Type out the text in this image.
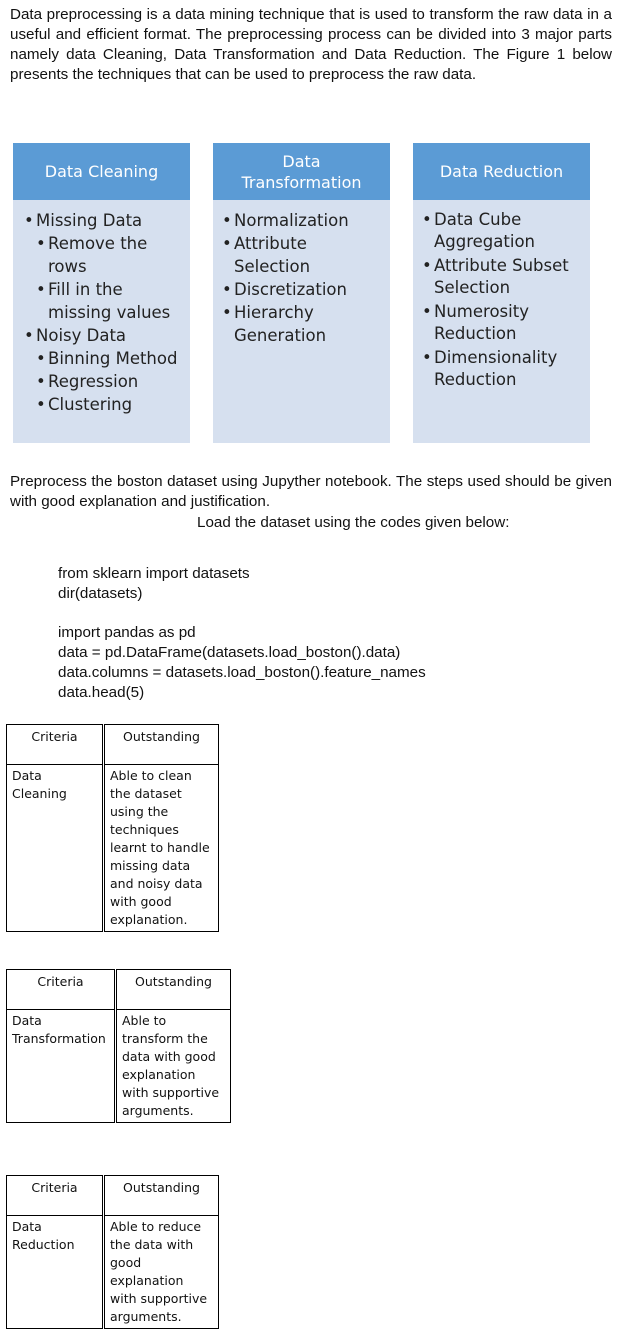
Data preprocessing is a data mining technique that is used to transform the raw data in a useful and efficient format. The preprocessing process can be divided into 3 major parts namely data Cleaning, Data Transformation and Data Reduction. The Figure 1 below presents the techniques that can be used to preprocess the raw data.
Data Cleaning
• Missing Data
• Remove the rows
• Fill in the missing values
• Noisy Data
• Binning Method
• Regression
• Clustering
Data Transformation
• Normalization
• Attribute Selection
• Discretization
• Hierarchy Generation
Data Reduction
• Data Cube Aggregation
• Attribute Subset Selection
• Numerosity Reduction
• Dimensionality Reduction
Preprocess the boston dataset using Jupyther notebook. The steps used should be given with good explanation and justification.
Load the dataset using the codes given below:
from sklearn import datasets
dir(datasets)
import pandas as pd
data = pd.DataFrame(datasets.load_boston().data)
data.columns = datasets.load_boston().feature_names
data.head(5)
Criteria	Outstanding
Data Cleaning	Able to clean the dataset using the techniques learnt to handle missing data and noisy data with good explanation.
Criteria	Outstanding
Data Transformation	Able to transform the data with good explanation with supportive arguments.
Criteria	Outstanding
Data Reduction	Able to reduce the data with good explanation with supportive arguments.
